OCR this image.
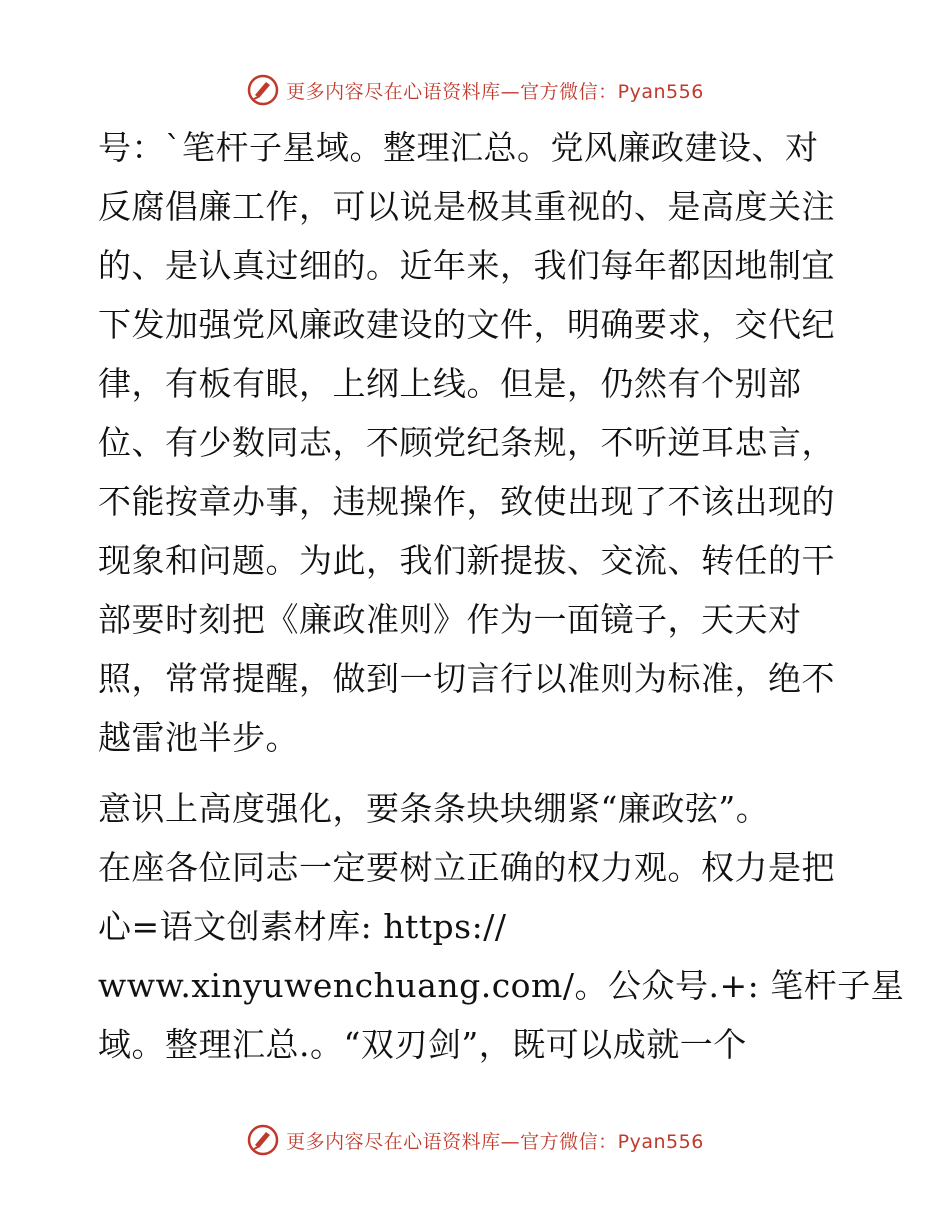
更多内容尽在心语资料库—官方微信：Pyan556
号：`笔杆子星域。整理汇总。党风廉政建设、对
反腐倡廉工作，可以说是极其重视的、是高度关注
的、是认真过细的。近年来，我们每年都因地制宜
下发加强党风廉政建设的文件，明确要求，交代纪
律，有板有眼，上纲上线。但是，仍然有个别部
位、有少数同志，不顾党纪条规，不听逆耳忠言，
不能按章办事，违规操作，致使出现了不该出现的
现象和问题。为此，我们新提拔、交流、转任的干
部要时刻把《廉政准则》作为一面镜子，天天对
照，常常提醒，做到一切言行以准则为标准，绝不
越雷池半步。
意识上高度强化，要条条块块绷紧“廉政弦”。
在座各位同志一定要树立正确的权力观。权力是把
心=语文创素材库: https://
www.xinyuwenchuang.com/。公众号.+: 笔杆子星
域。整理汇总.。“双刃剑”，既可以成就一个
更多内容尽在心语资料库—官方微信：Pyan556
